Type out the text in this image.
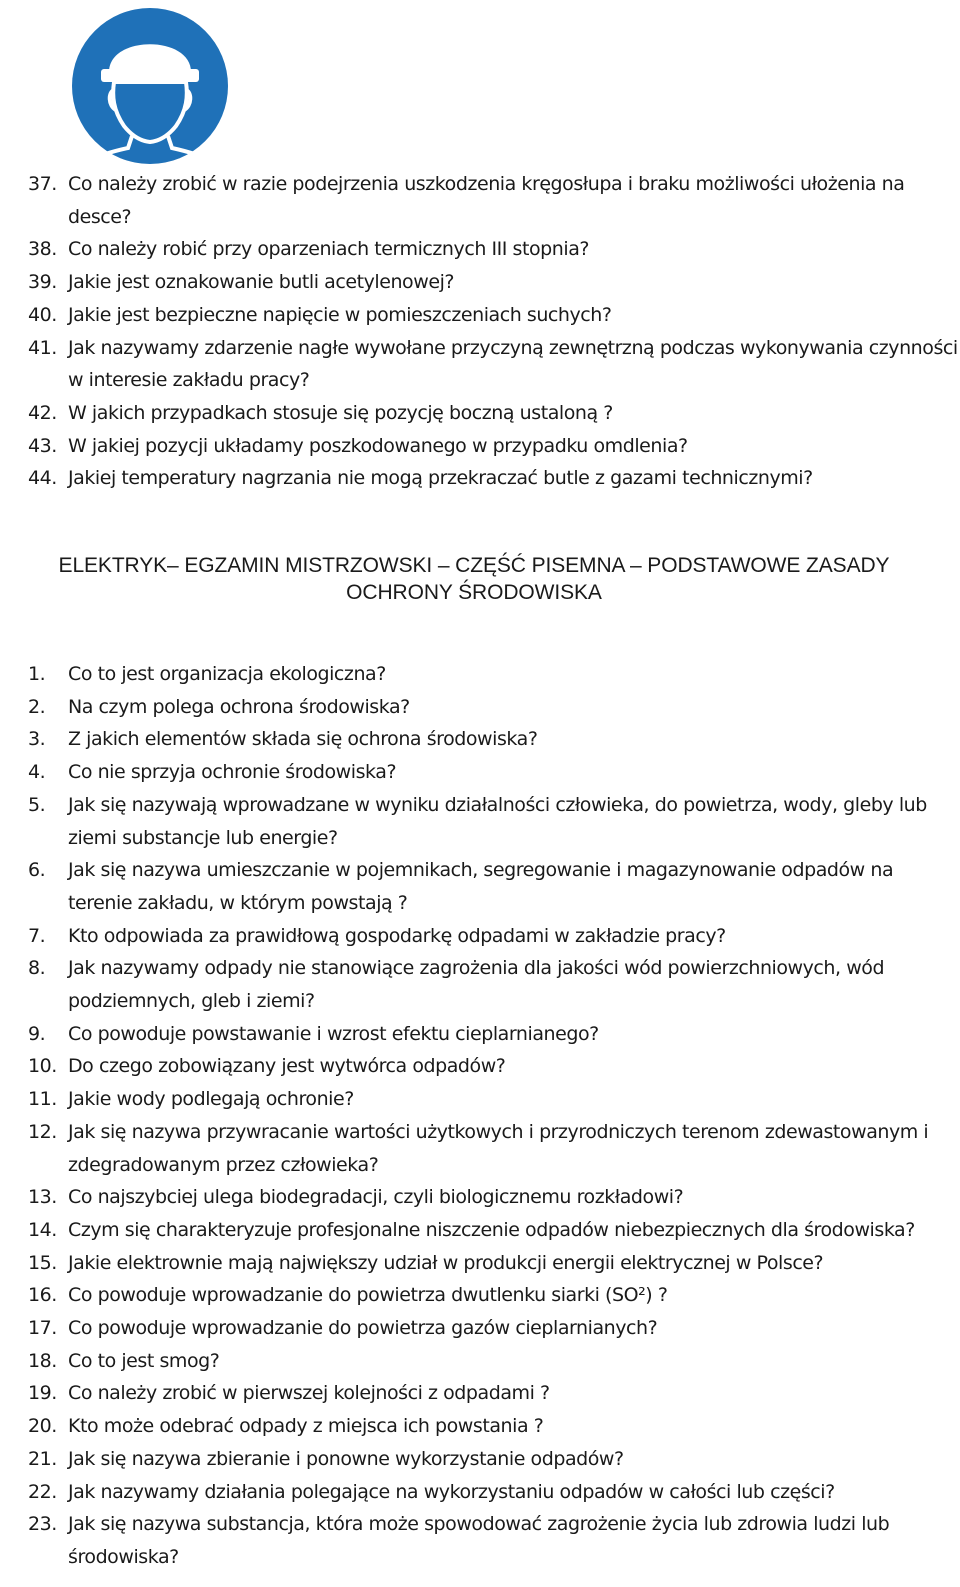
37. Co należy zrobić w razie podejrzenia uszkodzenia kręgosłupa i braku możliwości ułożenia na desce?
38. Co należy robić przy oparzeniach termicznych III stopnia?
39. Jakie jest oznakowanie butli acetylenowej?
40. Jakie jest bezpieczne napięcie w pomieszczeniach suchych?
41. Jak nazywamy zdarzenie nagłe wywołane przyczyną zewnętrzną podczas wykonywania czynności w interesie zakładu pracy?
42. W jakich przypadkach stosuje się pozycję boczną ustaloną ?
43. W jakiej pozycji układamy poszkodowanego w przypadku omdlenia?
44. Jakiej temperatury nagrzania nie mogą przekraczać butle z gazami technicznymi?
ELEKTRYK– EGZAMIN MISTRZOWSKI – CZĘŚĆ PISEMNA – PODSTAWOWE ZASADY
OCHRONY ŚRODOWISKA
1.	Co to jest organizacja ekologiczna?
2.	Na czym polega ochrona środowiska?
3.	Z jakich elementów składa się ochrona środowiska?
4.	Co nie sprzyja ochronie środowiska?
5.	Jak się nazywają wprowadzane w wyniku działalności człowieka, do powietrza, wody, gleby lub ziemi substancje lub energie?
6.	Jak się nazywa umieszczanie w pojemnikach, segregowanie i magazynowanie odpadów na terenie zakładu, w którym powstają ?
7.	Kto odpowiada za prawidłową gospodarkę odpadami w zakładzie pracy?
8.	Jak nazywamy odpady nie stanowiące zagrożenia dla jakości wód powierzchniowych, wód podziemnych, gleb i ziemi?
9.	Co powoduje powstawanie i wzrost efektu cieplarnianego?
10. Do czego zobowiązany jest wytwórca odpadów?
11. Jakie wody podlegają ochronie?
12. Jak się nazywa przywracanie wartości użytkowych i przyrodniczych terenom zdewastowanym i zdegradowanym przez człowieka?
13. Co najszybciej ulega biodegradacji, czyli biologicznemu rozkładowi?
14. Czym się charakteryzuje profesjonalne niszczenie odpadów niebezpiecznych dla środowiska?
15. Jakie elektrownie mają największy udział w produkcji energii elektrycznej w Polsce?
16. Co powoduje wprowadzanie do powietrza dwutlenku siarki (SO²) ?
17. Co powoduje wprowadzanie do powietrza gazów cieplarnianych?
18. Co to jest smog?
19. Co należy zrobić w pierwszej kolejności z odpadami ?
20. Kto może odebrać odpady z miejsca ich powstania ?
21. Jak się nazywa zbieranie i ponowne wykorzystanie odpadów?
22. Jak nazywamy działania polegające na wykorzystaniu odpadów w całości lub części?
23. Jak się nazywa substancja, która może spowodować zagrożenie życia lub zdrowia ludzi lub środowiska?
